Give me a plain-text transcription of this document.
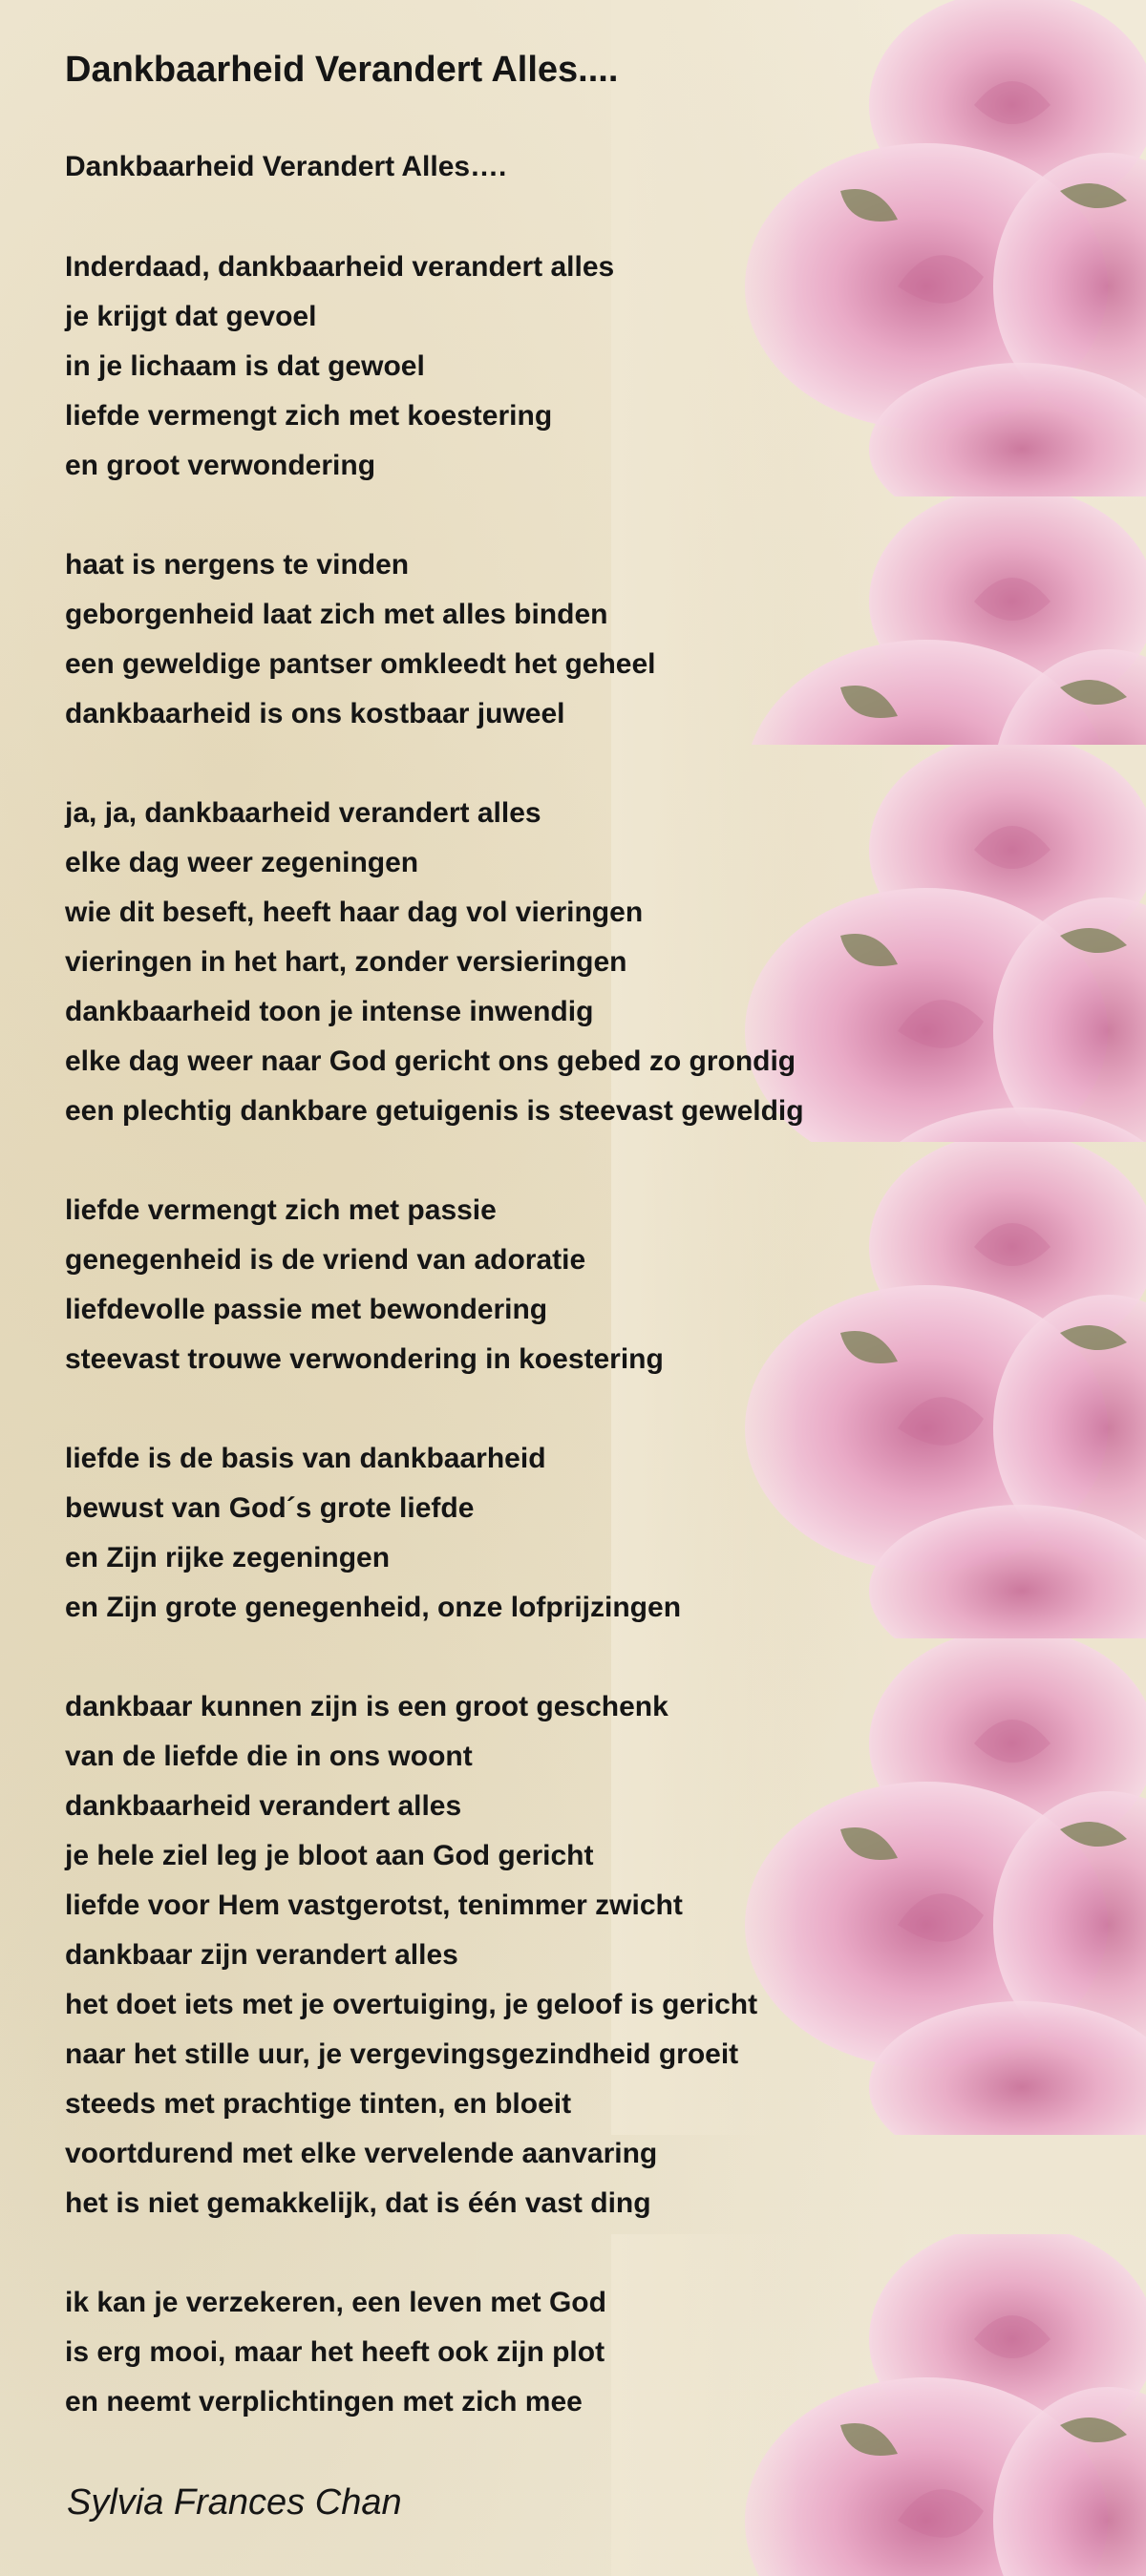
Dankbaarheid Verandert Alles....
Dankbaarheid Verandert Alles….
Inderdaad, dankbaarheid verandert alles
je krijgt dat gevoel
in je lichaam is dat gewoel
liefde vermengt zich met koestering
en groot verwondering
haat is nergens te vinden
geborgenheid laat zich met alles binden
een geweldige pantser omkleedt het geheel
dankbaarheid is ons kostbaar juweel
ja, ja, dankbaarheid verandert alles
elke dag weer zegeningen
wie dit beseft, heeft haar dag vol vieringen
vieringen in het hart, zonder versieringen
dankbaarheid toon je intense inwendig
elke dag weer naar God gericht ons gebed zo grondig
een plechtig dankbare getuigenis is steevast geweldig
liefde vermengt zich met passie
genegenheid is de vriend van adoratie
liefdevolle passie met bewondering
steevast trouwe verwondering in koestering
liefde is de basis van dankbaarheid
bewust van God´s grote liefde
en Zijn rijke zegeningen
en Zijn grote genegenheid, onze lofprijzingen
dankbaar kunnen zijn is een groot geschenk
van de liefde die in ons woont
dankbaarheid verandert alles
je hele ziel leg je bloot aan God gericht
liefde voor Hem vastgerotst, tenimmer zwicht
dankbaar zijn verandert alles
het doet iets met je overtuiging, je geloof is gericht
naar het stille uur, je vergevingsgezindheid groeit
steeds met prachtige tinten, en bloeit
voortdurend met elke vervelende aanvaring
het is niet gemakkelijk, dat is één vast ding
ik kan je verzekeren, een leven met God
is erg mooi, maar het heeft ook zijn plot
en neemt verplichtingen met zich mee
Sylvia Frances Chan
